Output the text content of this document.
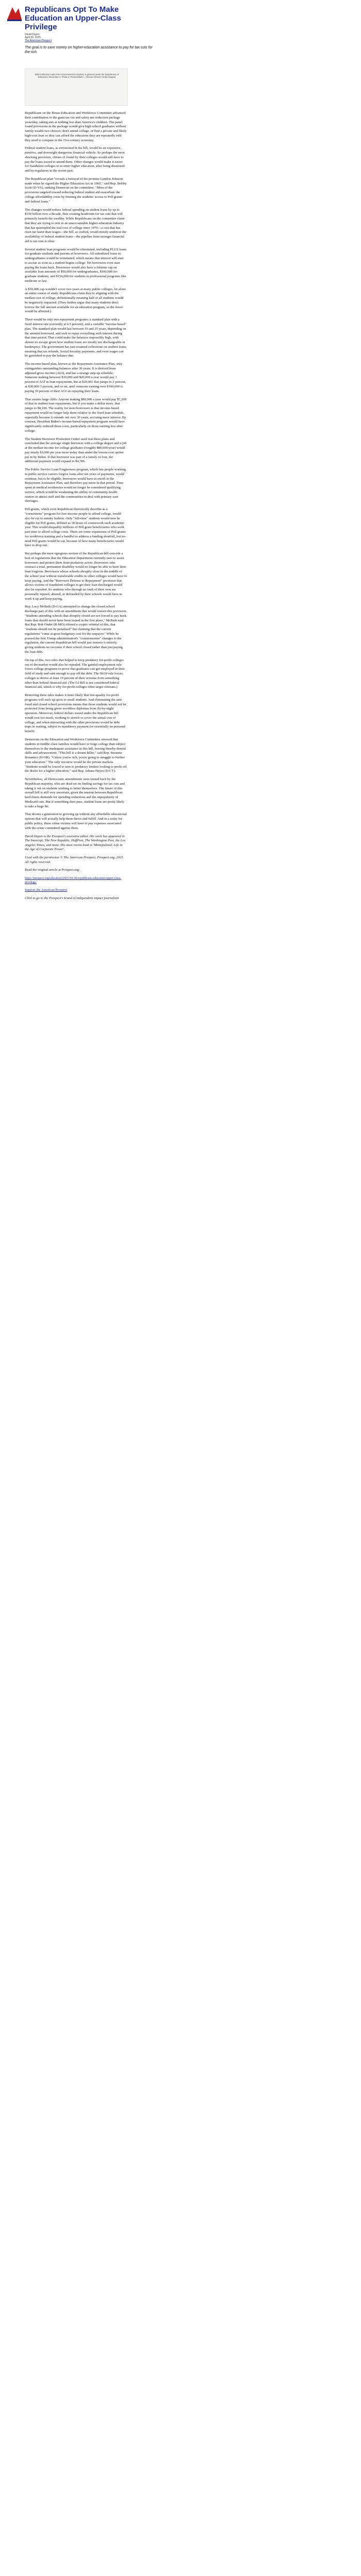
Republicans Opt To Make Education an Upper-Class Privilege
David Dayen
April 30, 2025
The American Prospect

The goal is to save money on higher-education assistance to pay for tax cuts for the rich.

Debt Collection Letter from Government to Student, is pictured under the Department of Education, December 2. Photo 1: Pinterest/Keri... (Alexan Ahmed / Getty Images)

Republicans on the House Education and Workforce Committee advanced their contribution to the giant tax cut and safety net reduction package yesterday, taking aim at nothing less than America's children. The panel found provisions in the package would give high school graduates without family wealth two choices: don't attend college, or find a private and likely high-cost loan so they can afford the education they are repeatedly told they need to compete in the 21st-century economy.

Federal student loans, as envisioned in the bill, would be an expensive, punitive, and downright dangerous financial vehicle. So perhaps the most shocking provision, virtues of found by their colleges would still have to pay the loans issued to attend them. Other changes would make it easier for fraudulent colleges to re-enter higher education, after being dismissed and by-regulators in the recent past.

The Republican plan "reveals a betrayal of the promise Lyndon Johnson made when he signed the Higher Education Act in 1965," said Rep. Bobby Scott (D-VA), ranking Democrat on the committee. "Most of the provisions targeted toward reducing federal student aid exacerbate the college affordability crisis by limiting the students' access to Pell grants and federal loans."

The changes would reduce federal spending on student loans by up to $330 billion over a decade, thus creating headroom for tax cuts that will primarily benefit the wealthy. While Republicans on the committee claim that they are trying to rein in an unaccountable higher-education industry that has quintupled the real cost of college since 1970—a cost that has risen far faster than wages—the bill, as crafted, would mostly undercut the availability of federal student loans—the pipeline from stronger financial aid to tax cuts is clear.

Several student loan programs would be eliminated, including PLUS loans for graduate students and parents of borrowers. All subsidized loans to undergraduates would be terminated, which means that interest will start to accrue as soon as a student begins college. Yet borrowers even start paying the loans back. Borrowers would also have a lifetime cap on available loan amounts of $50,000 for undergraduates, $100,000 for graduate students, and $150,000 for students in professional programs like medicine or law.

A $50,000 cap wouldn't cover two years at many public colleges, let alone an entire course of study. Republicans claim they're aligning with the median cost of college, definitionally meaning half of all students would be negatively impacted. (They further argue that many students don't borrow the full amount available for an education program, so the fewer would be affected.)

There would be only two repayment programs: a standard plan with a fixed interest rate (currently at 6.5 percent), and a variable "income-based" plan. The standard plan would last between 10 and 25 years, depending on the amount borrowed, and seek to repay everything with interest during that time period. That could make the balances impossibly high, with almost no escape given how student loans are mostly not dischargeable in bankruptcy. The government has just resumed collections on student loans, meaning that tax refunds, Social Security payments, and even wages can be garnished to pay the balance due.

The income-based plan, known as the Repayment Assistance Plan, only extinguishes outstanding balances after 30 years. It is derived from adjusted gross income (AGI), and has a strange step-up schedule. Someone making between $10,000 and $20,000 a year would pay 1 percent of AGI in loan repayments, but at $20,001 that jumps to 2 percent, at $30,000 3 percent, and so on, until someone earning over $100,000 is paying 10 percent of their AGI on repaying their loans.

That creates large cliffs: Anyone making $80,000 a year would pay $7,200 of that in student loan repayments, but if you make a dollar more, that jumps to $8,100. The reality for most borrowers is that income-based repayment would no longer help them relative to the fixed loan schedule, especially because it extends out over 30 years, accruing more interest. By contrast, President Biden's income-based repayment program would have significantly reduced those costs, particularly on those earning less after college.

The Student Borrower Protection Center used real these plans and concluded that the average single borrower with a college degree and a job at the median income for college graduates (roughly $80,000/year) would pay nearly $3,000 per year more today than under the lowest-cost option put in by Biden. If that borrower was part of a family of four, the additional payment would expand to $4,786.

The Public Service Loan Forgiveness program, which lets people working in public service careers forgive loans after ten years of payments, would continue, but to be eligible, borrowers would have to enroll in the Repayment Assistance Plan, and therefore pay more in that period. Time spent in medical residencies would no longer be considered qualifying service, which would be weakening the ability of community health centers to attract staff and the communities to deal with primary care shortages.

Pell grants, which even Republican rhetorically describe as a "cornerstone" program for low-income people to afford college, would also be cut in sneaky fashion. Only "full-time" students would now be eligible for Pell grants, defined as 30 hours of coursework each academic year. This would disqualify millions of Pell grant beneficiaries who work part-time to afford college costs. There are some expansions of Pell grants for workforce training and a handful to address a funding shortfall, but no-need Pell grants would be cut, because of how many beneficiaries would have to drop out.

But perhaps the most egregious section of the Republican bill concede a host of regulations that the Education Department currently uses to assist borrowers and protect them from predatory actors. Borrowers who contract a total, permanent disability would no longer be able to have their loan forgiven. Borrowers whose schools abruptly close in the middle of the school year without transferable credits to other colleges would have to keep paying. And the "Borrower Defense to Repayment" provision that allows victims of fraudulent colleges to get their loan discharged would also be repealed. So students who through no fault of their own are personally injured, abused, or defrauded by their schools would have to work it up and keep paying.

Rep. Lucy McBath (D-GA) attempted to change the closed school discharge part of this with an amendment that would restore this provision. "Students attending schools that abruptly closed are not forced to pay back loans that should never have been issued in the first place," McBath said. But Rep. Bob Onder (R-MO) offered a cryptic rebuttal of this, that "students should not be penalized" but claiming that the current regulations "come at great budgetary cost for the taxpayer." While he praised the first Trump administration's "commonsense" changes to the regulation, the current Republican bill would just remove it entirely, giving students no recourse if their school closed rather than just paying the loan debt.

On top of this, two rules that helped to keep predatory for-profit colleges out of the market would also be repealed. The gainful employment rule forces college programs to prove that graduates can get employed in their field of study and earn enough to pay off the debt. The 90/10 rule forces colleges to derive at least 10 percent of their revenue from something other than federal financial aid. (The GI Bill is not considered federal financial aid, which is why for-profit colleges often target veterans.)

Removing these rules makes it more likely that low-quality for-profit programs will suck up spots to small students. And eliminating the anti-fraud and closed school provisions means that those students would not be protected from being given worthless diplomas from fly-by-night operators. Moreover, federal dollars issued under the Republican bill would cost too much, working to stretch or cover the actual cost of college, and when interacting with the other provisions would be debt traps in waiting, subject to mandatory payment for essentially no personal benefit.

Democrats on the Education and Workforce Committee stressed that students in middle-class families would have to forgo college than subject themselves to the inadequate assistance in this bill, leaving thereby denied skills and advancement. "This bill is a dream-killer," said Rep. Suzanne Bonamici (D-OR). "Unless you're rich, you're going to struggle to further your education." The only recourse would be the private markets. "Students would be forced to turn to predatory lenders looking to profit off the desire for a higher education," said Rep. Jahana Hayes (D-CT).

Nevertheless, all Democratic amendments were turned back by the Republican majority, who are dead set on finding savings for tax cuts and taking it out on students wishing to better themselves. The future of this overall bill is still very uncertain, given the tension between Republican hard-liners demands for spending reductions and the unpopularity of Medicaid cuts. But if something does pass, student loans are pretty likely to take a huge hit.

That dooms a generation to growing up without any affordable educational options that will actually help them thrive and fulfill. And in a rarity for public policy, these crime victims will have to pay expenses associated with the crime committed against them.

David Dayen is the Prospect's executive editor. His work has appeared in The Intercept, The New Republic, HuffPost, The Washington Post, the Los Angeles Times, and more. His most recent book is 'Monopolized: Life in the Age of Corporate Power'.

Used with the permission © The American Prospect, Prospect.org, 2025. All rights reserved.

Read the original article at Prospect.org:

https://prospect.org/education/2025-04-30-republicans-education-upper-class-privilege/

Support the American Prospect

Click to go to the Prospect's brand of independent impact journalism
